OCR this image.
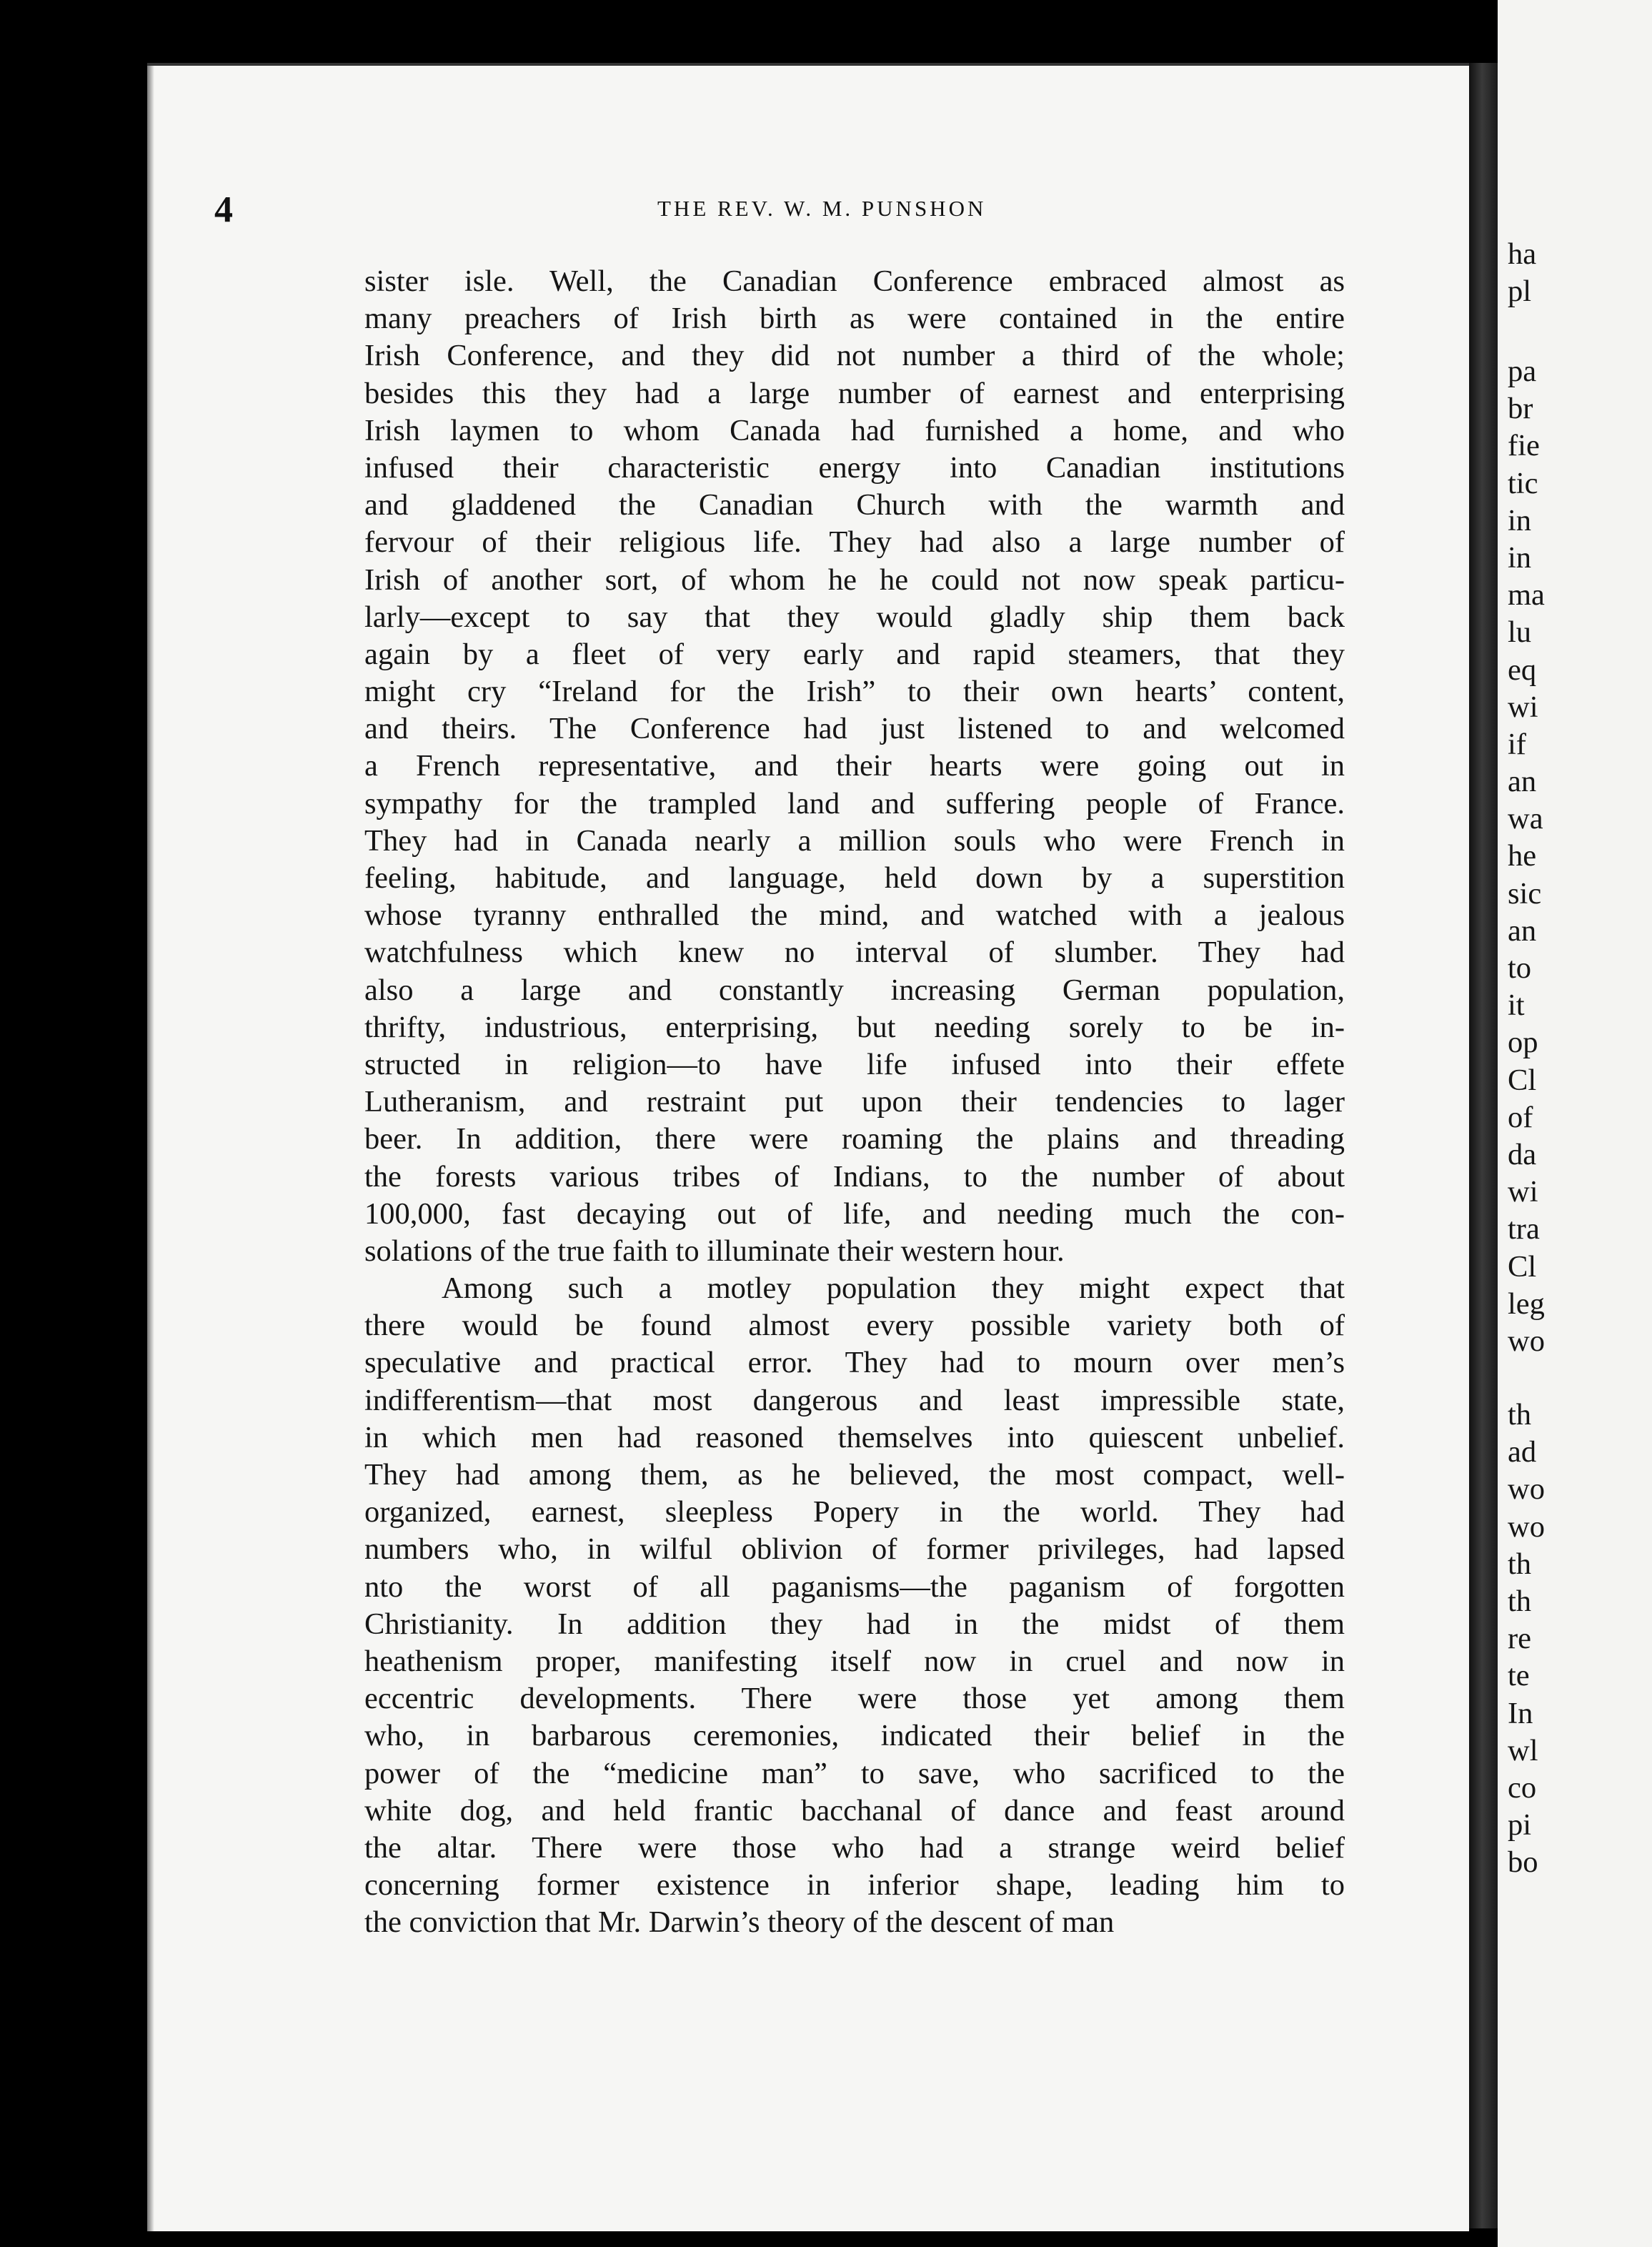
ha
pl
pa
br
fie
tic
in
in
ma
lu
eq
wi
if
an
wa
he
sic
an
to
it
op
Cl
of
da
wi
tra
Cl
leg
wo
th
ad
wo
wo
th
th
re
te
In
wl
co
pi
bo
4	THE REV. W. M. PUNSHON
sister isle. Well, the Canadian Conference embraced almost as
many preachers of Irish birth as were contained in the entire
Irish Conference, and they did not number a third of the whole;
besides this they had a large number of earnest and enterprising
Irish laymen to whom Canada had furnished a home, and who
infused their characteristic energy into Canadian institutions
and gladdened the Canadian Church with the warmth and
fervour of their religious life. They had also a large number of
Irish of another sort, of whom he he could not now speak particu-
larly—except to say that they would gladly ship them back
again by a fleet of very early and rapid steamers, that they
might cry “Ireland for the Irish” to their own hearts’ content,
and theirs. The Conference had just listened to and welcomed
a French representative, and their hearts were going out in
sympathy for the trampled land and suffering people of France.
They had in Canada nearly a million souls who were French in
feeling, habitude, and language, held down by a superstition
whose tyranny enthralled the mind, and watched with a jealous
watchfulness which knew no interval of slumber. They had
also a large and constantly increasing German population,
thrifty, industrious, enterprising, but needing sorely to be in-
structed in religion—to have life infused into their effete
Lutheranism, and restraint put upon their tendencies to lager
beer. In addition, there were roaming the plains and threading
the forests various tribes of Indians, to the number of about
100,000, fast decaying out of life, and needing much the con-
solations of the true faith to illuminate their western hour.
Among such a motley population they might expect that
there would be found almost every possible variety both of
speculative and practical error. They had to mourn over men’s
indifferentism—that most dangerous and least impressible state,
in which men had reasoned themselves into quiescent unbelief.
They had among them, as he believed, the most compact, well-
organized, earnest, sleepless Popery in the world. They had
numbers who, in wilful oblivion of former privileges, had lapsed
nto the worst of all paganisms—the paganism of forgotten
Christianity. In addition they had in the midst of them
heathenism proper, manifesting itself now in cruel and now in
eccentric developments. There were those yet among them
who, in barbarous ceremonies, indicated their belief in the
power of the “medicine man” to save, who sacrificed to the
white dog, and held frantic bacchanal of dance and feast around
the altar. There were those who had a strange weird belief
concerning former existence in inferior shape, leading him to
the conviction that Mr. Darwin’s theory of the descent of man
